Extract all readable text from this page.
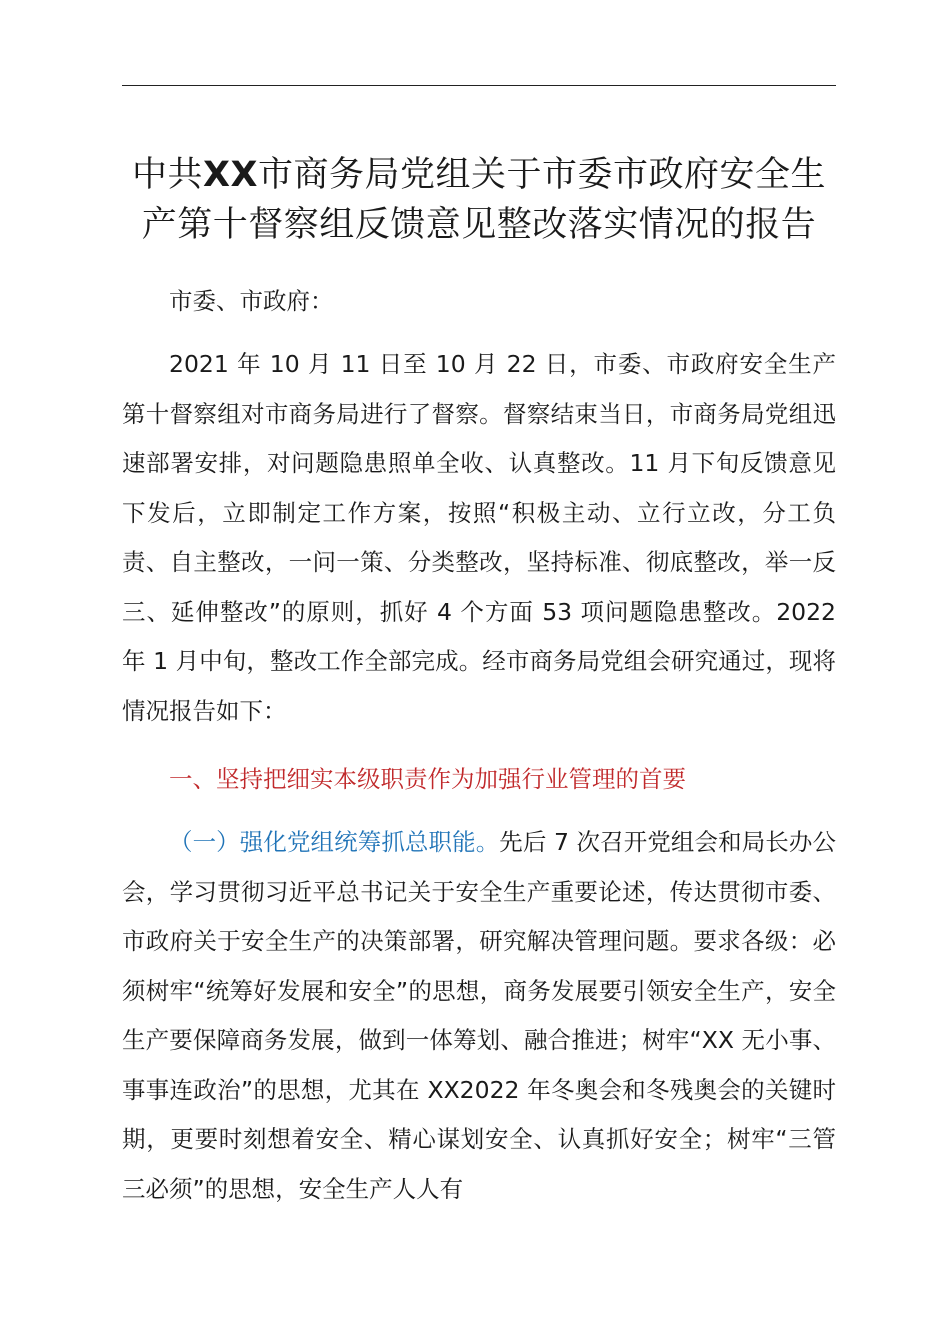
中共XX市商务局党组关于市委市政府安全生
产第十督察组反馈意见整改落实情况的报告

市委、市政府：

2021 年 10 月 11 日至 10 月 22 日，市委、市政府安全生产第十督察组对市商务局进行了督察。督察结束当日，市商务局党组迅速部署安排，对问题隐患照单全收、认真整改。11 月下旬反馈意见下发后，立即制定工作方案，按照“积极主动、立行立改，分工负责、自主整改，一问一策、分类整改，坚持标准、彻底整改，举一反三、延伸整改”的原则，抓好 4 个方面 53 项问题隐患整改。2022 年 1 月中旬，整改工作全部完成。经市商务局党组会研究通过，现将情况报告如下：

一、坚持把细实本级职责作为加强行业管理的首要

（一）强化党组统筹抓总职能。先后 7 次召开党组会和局长办公会，学习贯彻习近平总书记关于安全生产重要论述，传达贯彻市委、市政府关于安全生产的决策部署，研究解决管理问题。要求各级：必须树牢“统筹好发展和安全”的思想，商务发展要引领安全生产，安全生产要保障商务发展，做到一体筹划、融合推进；树牢“XX 无小事、事事连政治”的思想，尤其在 XX2022 年冬奥会和冬残奥会的关键时期，更要时刻想着安全、精心谋划安全、认真抓好安全；树牢“三管三必须”的思想，安全生产人人有
